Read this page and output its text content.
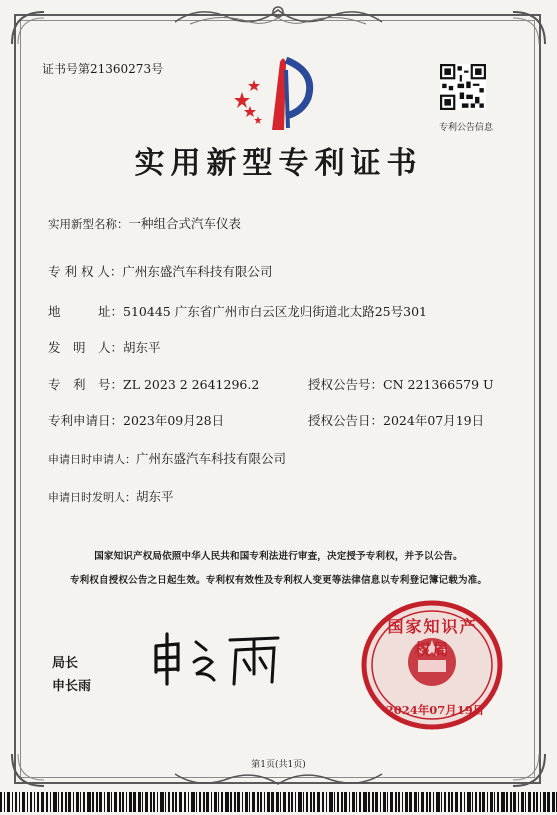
证书号第21360273号
专利公告信息
实用新型专利证书
实用新型名称：一种组合式汽车仪表
专 利 权 人：广州东盛汽车科技有限公司
地　　　址：510445 广东省广州市白云区龙归街道北太路25号301
发　明　人：胡东平
专　利　号：ZL 2023 2 2641296.2	授权公告号：CN 221366579 U
专利申请日：2023年09月28日	授权公告日：2024年07月19日
申请日时申请人：广州东盛汽车科技有限公司
申请日时发明人：胡东平
国家知识产权局依照中华人民共和国专利法进行审查，决定授予专利权，并予以公告。
专利权自授权公告之日起生效。专利权有效性及专利权人变更等法律信息以专利登记簿记载为准。
局长
申长雨
国家知识产权局
2024年07月19日
第1页(共1页)
